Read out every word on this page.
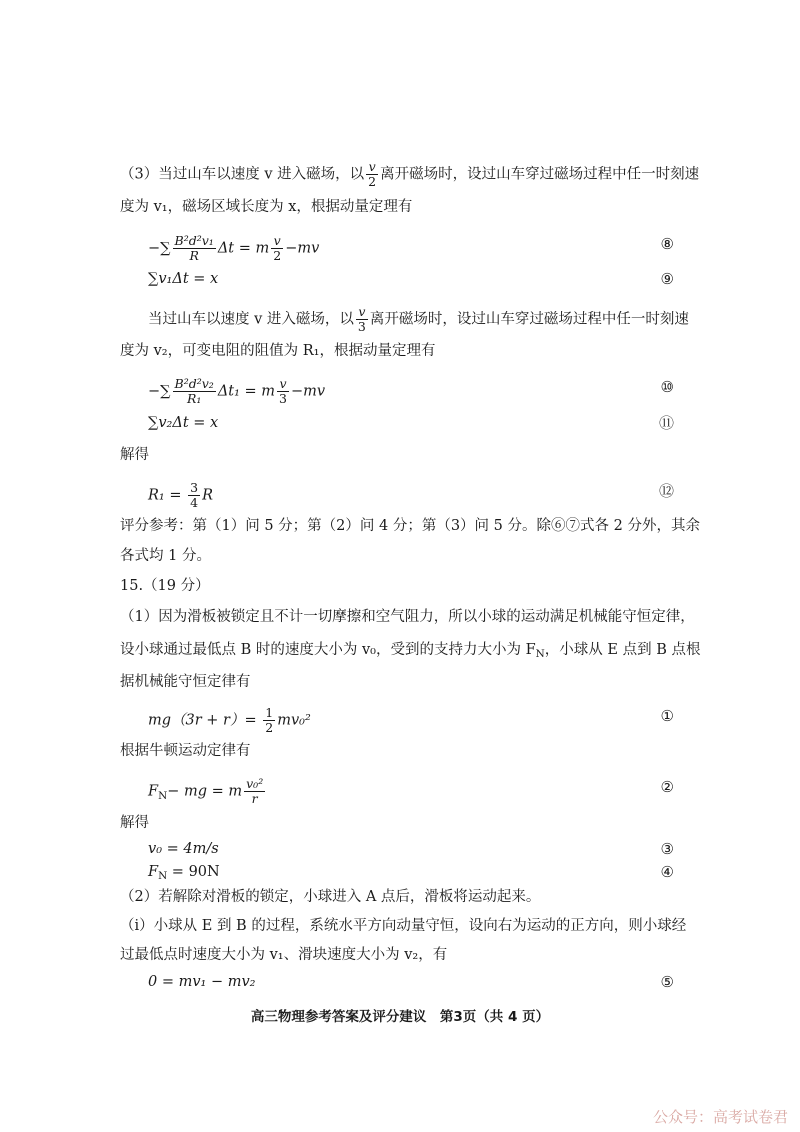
（3）当过山车以速度 v 进入磁场，以 $\frac{v}{2}$ 离开磁场时，设过山车穿过磁场过程中任一时刻速
度为 v₁，磁场区域长度为 x，根据动量定理有
−∑ $\frac{\text{B²d²v₁}}{R}$ Δt = m $\frac{v}{2} -mv$	⑧
∑v₁Δt = x	⑨
当过山车以速度 v 进入磁场，以 $\frac{v}{3}$ 离开磁场时，设过山车穿过磁场过程中任一时刻速
度为 v₂，可变电阻的阻值为 R₁，根据动量定理有
−∑ $\frac{\text{B²d²v₂}}{\text{R₁}} \Delta t_1 = m \frac{v}{3} -mv$	⑩
∑v₂Δt = x	⑪
解得
$R_1 = \frac{3}{4}$ R	⑫
评分参考：第（1）问 5 分；第（2）问 4 分；第（3）问 5 分。除⑥⑦式各 2 分外，其余
各式均 1 分。
15.（19 分）
（1）因为滑板被锁定且不计一切摩擦和空气阻力，所以小球的运动满足机械能守恒定律，
设小球通过最低点 B 时的速度大小为 v₀，受到的支持力大小为 $F_N$，小球从 E 点到 B 点根
据机械能守恒定律有
$mg(3r + r)= \frac{1}{2} mv_0^2$	①
根据牛顿运动定律有
$F_N-$ mg = m $\frac{\text{v₀²}}{r}$	②
解得
v₀ = 4m/s	③
$F_N = 90N$	④
（2）若解除对滑板的锁定，小球进入 A 点后，滑板将运动起来。
（i）小球从 E 到 B 的过程，系统水平方向动量守恒，设向右为运动的正方向，则小球经
过最低点时速度大小为 v₁、滑块速度大小为 v₂，有
0 = mv₁ − mv₂	⑤
高三物理参考答案及评分建议　第3页（共 4 页）
公众号：高考试卷君
